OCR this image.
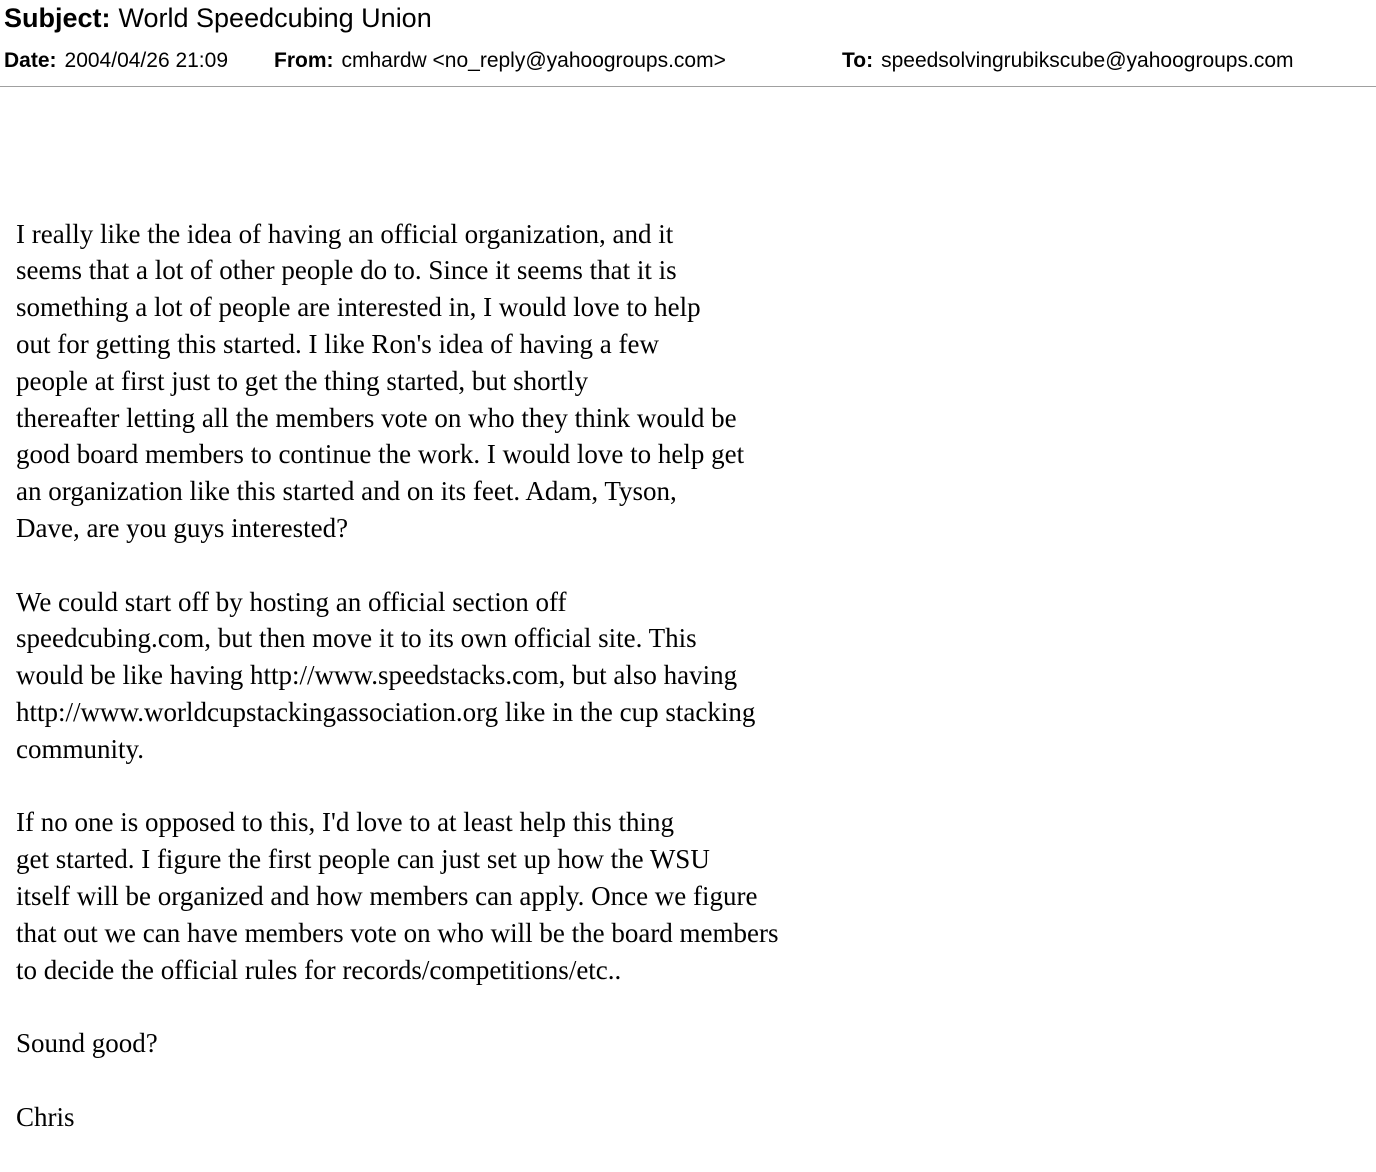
Subject: World Speedcubing Union
Date: 2004/04/26 21:09 From: cmhardw <no_reply@yahoogroups.com>	To: speedsolvingrubikscube@yahoogroups.com

I really like the idea of having an official organization, and it
seems that a lot of other people do to. Since it seems that it is
something a lot of people are interested in, I would love to help
out for getting this started. I like Ron's idea of having a few
people at first just to get the thing started, but shortly
thereafter letting all the members vote on who they think would be
good board members to continue the work. I would love to help get
an organization like this started and on its feet. Adam, Tyson,
Dave, are you guys interested?
We could start off by hosting an official section off
speedcubing.com, but then move it to its own official site. This
would be like having http://www.speedstacks.com, but also having
http://www.worldcupstackingassociation.org like in the cup stacking
community.
If no one is opposed to this, I'd love to at least help this thing
get started. I figure the first people can just set up how the WSU
itself will be organized and how members can apply. Once we figure
that out we can have members vote on who will be the board members
to decide the official rules for records/competitions/etc..
Sound good?
Chris
